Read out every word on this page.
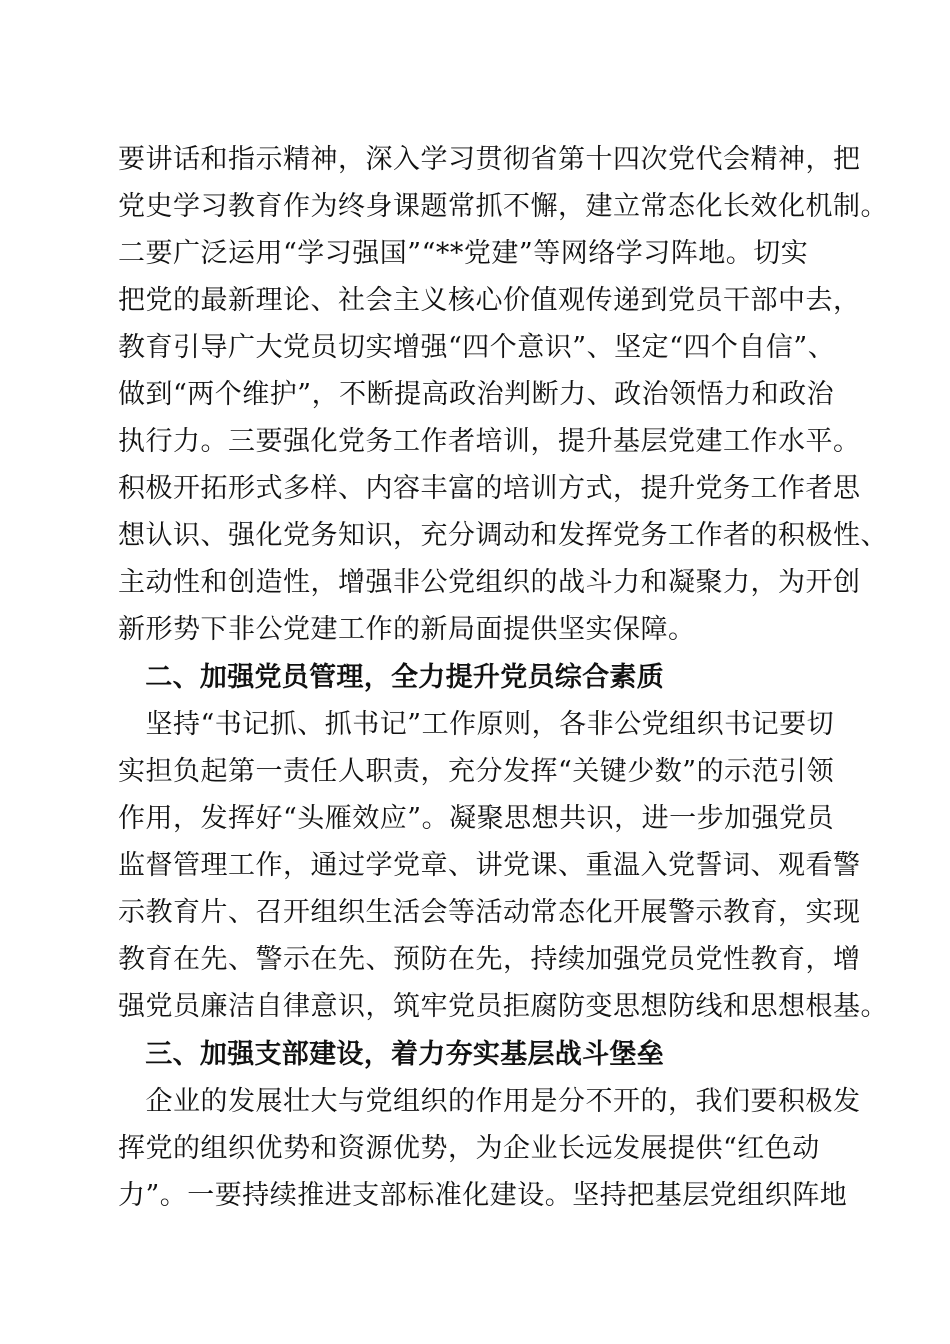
要讲话和指示精神，深入学习贯彻省第十四次党代会精神，把
党史学习教育作为终身课题常抓不懈，建立常态化长效化机制。
二要广泛运用“学习强国”“**党建”等网络学习阵地。切实
把党的最新理论、社会主义核心价值观传递到党员干部中去，
教育引导广大党员切实增强“四个意识”、坚定“四个自信”、
做到“两个维护”，不断提高政治判断力、政治领悟力和政治
执行力。三要强化党务工作者培训，提升基层党建工作水平。
积极开拓形式多样、内容丰富的培训方式，提升党务工作者思
想认识、强化党务知识，充分调动和发挥党务工作者的积极性、
主动性和创造性，增强非公党组织的战斗力和凝聚力，为开创
新形势下非公党建工作的新局面提供坚实保障。
　二、加强党员管理，全力提升党员综合素质
　坚持“书记抓、抓书记”工作原则，各非公党组织书记要切
实担负起第一责任人职责，充分发挥“关键少数”的示范引领
作用，发挥好“头雁效应”。凝聚思想共识，进一步加强党员
监督管理工作，通过学党章、讲党课、重温入党誓词、观看警
示教育片、召开组织生活会等活动常态化开展警示教育，实现
教育在先、警示在先、预防在先，持续加强党员党性教育，增
强党员廉洁自律意识，筑牢党员拒腐防变思想防线和思想根基。
　三、加强支部建设，着力夯实基层战斗堡垒
　企业的发展壮大与党组织的作用是分不开的，我们要积极发
挥党的组织优势和资源优势，为企业长远发展提供“红色动
力”。一要持续推进支部标准化建设。坚持把基层党组织阵地
